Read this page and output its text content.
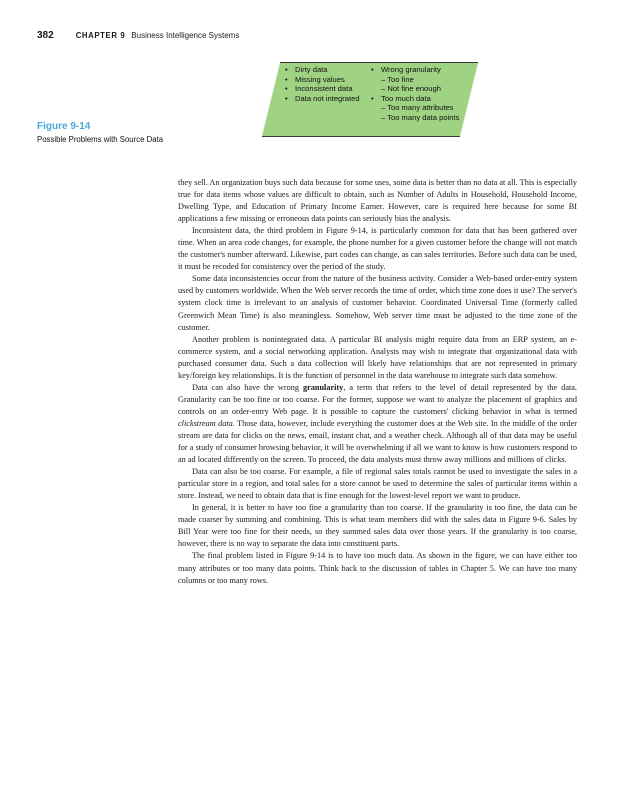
382	CHAPTER 9 Business Intelligence Systems
• Dirty data
• Missing values
• Inconsistent data
• Data not integrated
• Wrong granularity
– Too fine
– Not fine enough
• Too much data
– Too many attributes
– Too many data points
Figure 9-14
Possible Problems with Source Data

they sell. An organization buys such data because for some uses, some data is better than no data at all. This is especially true for data items whose values are difficult to obtain, such as Number of Adults in Household, Household Income, Dwelling Type, and Education of Primary Income Earner. However, care is required here because for some BI applications a few missing or erroneous data points can seriously bias the analysis.

Inconsistent data, the third problem in Figure 9-14, is particularly common for data that has been gathered over time. When an area code changes, for example, the phone number for a given customer before the change will not match the customer's number afterward. Likewise, part codes can change, as can sales territories. Before such data can be used, it must be recoded for consistency over the period of the study.

Some data inconsistencies occur from the nature of the business activity. Consider a Web-based order-entry system used by customers worldwide. When the Web server records the time of order, which time zone does it use? The server's system clock time is irrelevant to an analysis of customer behavior. Coordinated Universal Time (formerly called Greenwich Mean Time) is also meaningless. Somehow, Web server time must be adjusted to the time zone of the customer.

Another problem is nonintegrated data. A particular BI analysis might require data from an ERP system, an e-commerce system, and a social networking application. Analysts may wish to integrate that organizational data with purchased consumer data. Such a data collection will likely have relationships that are not represented in primary key/foreign key relationships. It is the function of personnel in the data warehouse to integrate such data somehow.

Data can also have the wrong granularity, a term that refers to the level of detail represented by the data. Granularity can be too fine or too coarse. For the former, suppose we want to analyze the placement of graphics and controls on an order-entry Web page. It is possible to capture the customers' clicking behavior in what is termed clickstream data. Those data, however, include everything the customer does at the Web site. In the middle of the order stream are data for clicks on the news, email, instant chat, and a weather check. Although all of that data may be useful for a study of consumer browsing behavior, it will be overwhelming if all we want to know is how customers respond to an ad located differently on the screen. To proceed, the data analysts must throw away millions and millions of clicks.

Data can also be too coarse. For example, a file of regional sales totals cannot be used to investigate the sales in a particular store in a region, and total sales for a store cannot be used to determine the sales of particular items within a store. Instead, we need to obtain data that is fine enough for the lowest-level report we want to produce.

In general, it is better to have too fine a granularity than too coarse. If the granularity is too fine, the data can be made coarser by summing and combining. This is what team members did with the sales data in Figure 9-6. Sales by Bill Year were too fine for their needs, so they summed sales data over those years. If the granularity is too coarse, however, there is no way to separate the data into constituent parts.

The final problem listed in Figure 9-14 is to have too much data. As shown in the figure, we can have either too many attributes or too many data points. Think back to the discussion of tables in Chapter 5. We can have too many columns or too many rows.
